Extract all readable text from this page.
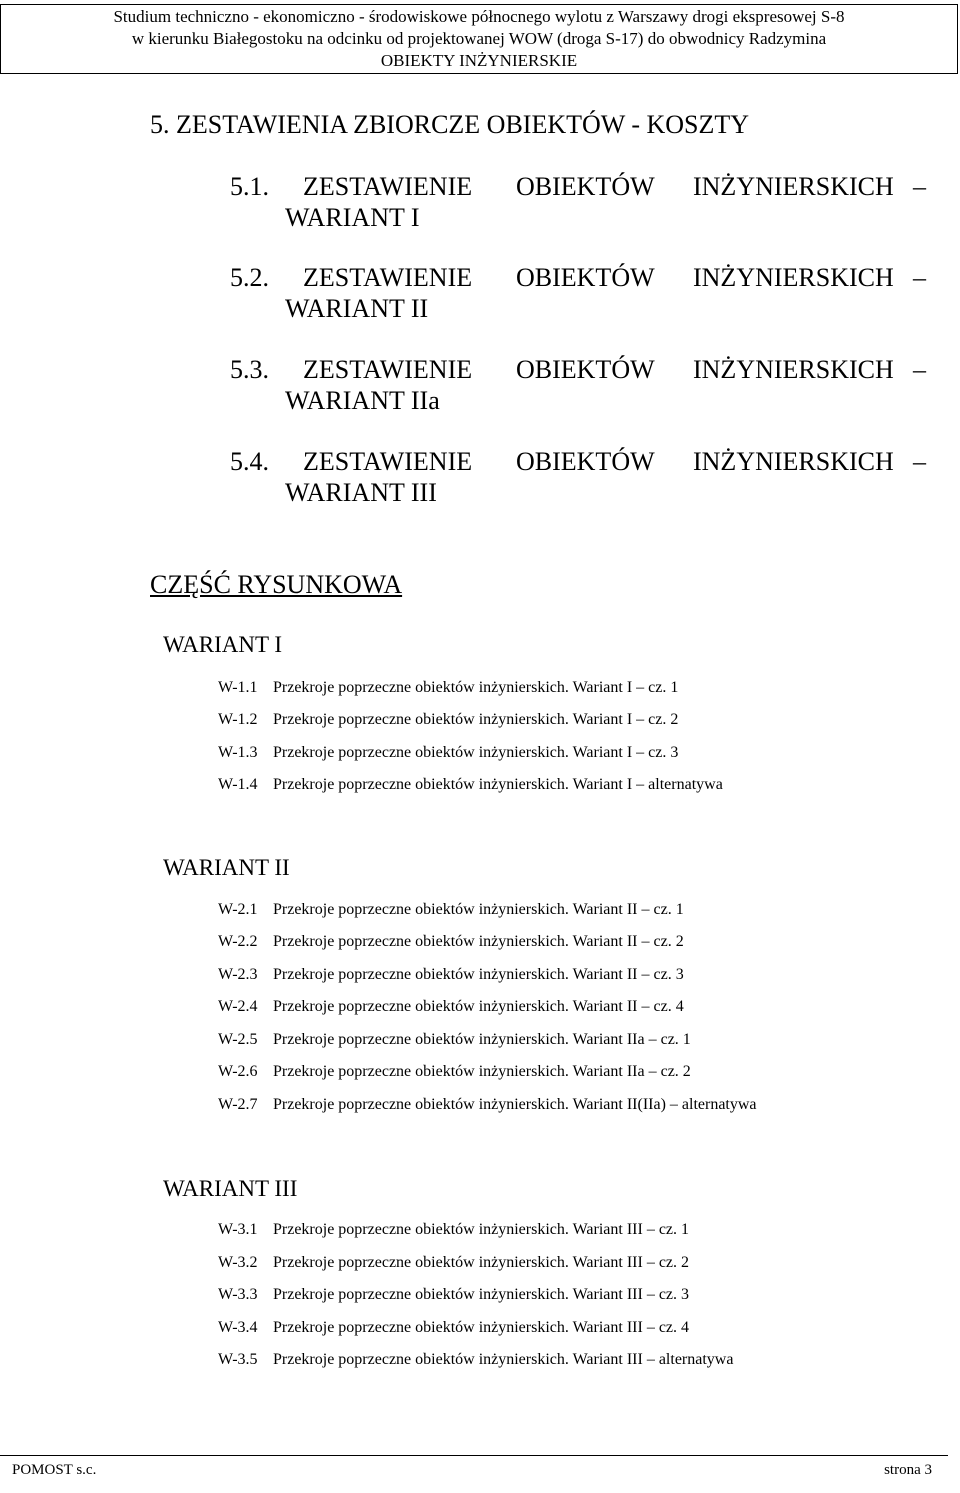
Studium techniczno - ekonomiczno - środowiskowe północnego wylotu z Warszawy drogi ekspresowej S-8
w kierunku Białegostoku na odcinku od projektowanej WOW (droga S-17) do obwodnicy Radzymina
OBIEKTY INŻYNIERSKIE
5. ZESTAWIENIA ZBIORCZE OBIEKTÓW - KOSZTY
5.1. ZESTAWIENIE OBIEKTÓW INŻYNIERSKICH –
WARIANT I
5.2. ZESTAWIENIE OBIEKTÓW INŻYNIERSKICH –
WARIANT II
5.3. ZESTAWIENIE OBIEKTÓW INŻYNIERSKICH –
WARIANT IIa
5.4. ZESTAWIENIE OBIEKTÓW INŻYNIERSKICH –
WARIANT III
CZĘŚĆ RYSUNKOWA
WARIANT I
W-1.1 Przekroje poprzeczne obiektów inżynierskich. Wariant I – cz. 1
W-1.2 Przekroje poprzeczne obiektów inżynierskich. Wariant I – cz. 2
W-1.3 Przekroje poprzeczne obiektów inżynierskich. Wariant I – cz. 3
W-1.4 Przekroje poprzeczne obiektów inżynierskich. Wariant I – alternatywa
WARIANT II
W-2.1 Przekroje poprzeczne obiektów inżynierskich. Wariant II – cz. 1
W-2.2 Przekroje poprzeczne obiektów inżynierskich. Wariant II – cz. 2
W-2.3 Przekroje poprzeczne obiektów inżynierskich. Wariant II – cz. 3
W-2.4 Przekroje poprzeczne obiektów inżynierskich. Wariant II – cz. 4
W-2.5 Przekroje poprzeczne obiektów inżynierskich. Wariant IIa – cz. 1
W-2.6 Przekroje poprzeczne obiektów inżynierskich. Wariant IIa – cz. 2
W-2.7 Przekroje poprzeczne obiektów inżynierskich. Wariant II(IIa) – alternatywa
WARIANT III
W-3.1 Przekroje poprzeczne obiektów inżynierskich. Wariant III – cz. 1
W-3.2 Przekroje poprzeczne obiektów inżynierskich. Wariant III – cz. 2
W-3.3 Przekroje poprzeczne obiektów inżynierskich. Wariant III – cz. 3
W-3.4 Przekroje poprzeczne obiektów inżynierskich. Wariant III – cz. 4
W-3.5 Przekroje poprzeczne obiektów inżynierskich. Wariant III – alternatywa
POMOST s.c.	strona 3
